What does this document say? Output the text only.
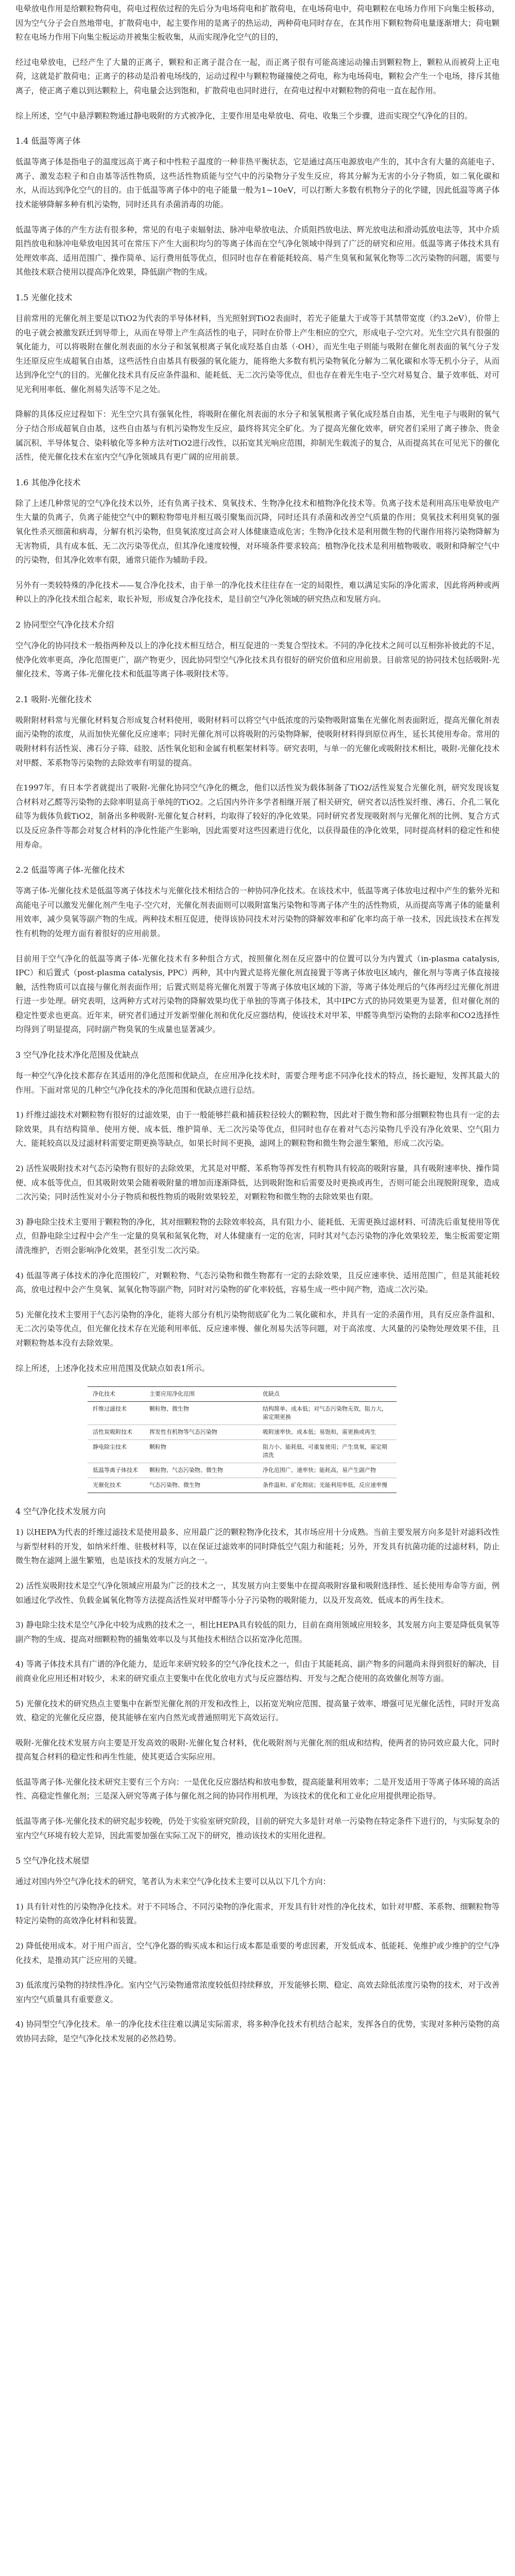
电晕放电作用是给颗粒物荷电，荷电过程依过程的先后分为电场荷电和扩散荷电，在电场荷电中，荷电颗粒在电场力作用下向集尘板移动，因为空气分子会自然地带电，扩散荷电中，起主要作用的是离子的热运动，两种荷电同时存在，在其作用下颗粒物荷电量逐渐增大；荷电颗粒在电场力作用下向集尘板运动并被集尘板收集，从而实现净化空气的目的，

经过电晕放电，已经产生了大量的正离子，颗粒和正离子混合在一起，而正离子很有可能高速运动撞击到颗粒物上，颗粒从而被荷上正电荷，这就是扩散荷电；正离子的移动是沿着电场线的，运动过程中与颗粒物碰撞使之荷电，称为电场荷电，颗粒会产生一个电场，排斥其他离子，使正离子难以到达颗粒上，荷电量会达到饱和，扩散荷电也同时进行，在荷电过程中对颗粒物的荷电一直在起作用。

综上所述，空气中悬浮颗粒物通过静电吸附的方式被净化，主要作用是电晕放电、荷电、收集三个步骤，进而实现空气净化的目的。

1.4 低温等离子体

低温等离子体是指电子的温度远高于离子和中性粒子温度的一种非热平衡状态，它是通过高压电源放电产生的，其中含有大量的高能电子、离子、激发态粒子和自由基等活性物质，这些活性物质能与空气中的污染物分子发生反应，将其分解为无害的小分子物质，如二氧化碳和水，从而达到净化空气的目的。由于低温等离子体中的电子能量一般为1~10eV，可以打断大多数有机物分子的化学键，因此低温等离子体技术能够降解多种有机污染物，同时还具有杀菌消毒的功能。

低温等离子体的产生方法有很多种，常见的有电子束辐射法、脉冲电晕放电法、介质阻挡放电法、辉光放电法和滑动弧放电法等，其中介质阻挡放电和脉冲电晕放电因其可在常压下产生大面积均匀的等离子体而在空气净化领域中得到了广泛的研究和应用。低温等离子体技术具有处理效率高、适用范围广、操作简单、运行费用低等优点，但同时也存在着能耗较高、易产生臭氧和氮氧化物等二次污染物的问题，需要与其他技术联合使用以提高净化效果，降低副产物的生成。

1.5 光催化技术

目前常用的光催化剂主要是以TiO2为代表的半导体材料，当光照射到TiO2表面时，若光子能量大于或等于其禁带宽度（约3.2eV），价带上的电子就会被激发跃迁到导带上，从而在导带上产生高活性的电子，同时在价带上产生相应的空穴，形成电子-空穴对。光生空穴具有很强的氧化能力，可以将吸附在催化剂表面的水分子和氢氧根离子氧化成羟基自由基（·OH），而光生电子则能与吸附在催化剂表面的氧气分子发生还原反应生成超氧自由基，这些活性自由基具有极强的氧化能力，能将绝大多数有机污染物氧化分解为二氧化碳和水等无机小分子，从而达到净化空气的目的。光催化技术具有反应条件温和、能耗低、无二次污染等优点，但也存在着光生电子-空穴对易复合、量子效率低、对可见光利用率低、催化剂易失活等不足之处。

降解的具体反应过程如下：光生空穴具有强氧化性，将吸附在催化剂表面的水分子和氢氧根离子氧化成羟基自由基，光生电子与吸附的氧气分子结合形成超氧自由基，这些自由基与有机污染物发生反应，最终将其完全矿化。为了提高光催化效率，研究者们采用了离子掺杂、贵金属沉积、半导体复合、染料敏化等多种方法对TiO2进行改性，以拓宽其光响应范围，抑制光生载流子的复合，从而提高其在可见光下的催化活性，使光催化技术在室内空气净化领域具有更广阔的应用前景。

1.6 其他净化技术

除了上述几种常见的空气净化技术以外，还有负离子技术、臭氧技术、生物净化技术和植物净化技术等。负离子技术是利用高压电晕放电产生大量的负离子，负离子能使空气中的颗粒物带电并相互吸引聚集而沉降，同时还具有杀菌和改善空气质量的作用；臭氧技术利用臭氧的强氧化性杀灭细菌和病毒，分解有机污染物，但臭氧浓度过高会对人体健康造成危害；生物净化技术是利用微生物的代谢作用将污染物降解为无害物质，具有成本低、无二次污染等优点，但其净化速度较慢，对环境条件要求较高；植物净化技术是利用植物吸收、吸附和降解空气中的污染物，但其净化效率有限，通常只能作为辅助手段。

另外有一类较特殊的净化技术——复合净化技术，由于单一的净化技术往往存在一定的局限性，难以满足实际的净化需求，因此将两种或两种以上的净化技术组合起来，取长补短，形成复合净化技术，是目前空气净化领域的研究热点和发展方向。

2 协同型空气净化技术介绍

空气净化的协同技术一般指两种及以上的净化技术相互结合，相互促进的一类复合型技术。不同的净化技术之间可以互相弥补彼此的不足，使净化效率更高，净化范围更广，副产物更少，因此协同型空气净化技术具有很好的研究价值和应用前景。目前常见的协同技术包括吸附-光催化技术、等离子体-光催化技术和低温等离子体-吸附技术等。

2.1 吸附-光催化技术

吸附附材料常与光催化材料复合形成复合材料使用，吸附材料可以将空气中低浓度的污染物吸附富集在光催化剂表面附近，提高光催化剂表面污染物的浓度，从而加快光催化反应速率；同时光催化剂可以将吸附的污染物降解，使吸附材料得到原位再生，延长其使用寿命。常用的吸附材料有活性炭、沸石分子筛、硅胶、活性氧化铝和金属有机框架材料等。研究表明，与单一的光催化或吸附技术相比，吸附-光催化技术对甲醛、苯系物等污染物的去除效率有明显的提高。

在1997年，有日本学者就提出了吸附-光催化协同空气净化的概念，他们以活性炭为载体制备了TiO2/活性炭复合光催化剂，研究发现该复合材料对乙醛等污染物的去除率明显高于单纯的TiO2。之后国内外许多学者相继开展了相关研究，研究者以活性炭纤维、沸石、介孔二氧化硅等为载体负载TiO2，制备出多种吸附-光催化复合材料，均取得了较好的净化效果。同时研究者发现吸附剂与光催化剂的比例、复合方式以及反应条件等都会对复合材料的净化性能产生影响，因此需要对这些因素进行优化，以获得最佳的净化效果，同时提高材料的稳定性和使用寿命。

2.2 低温等离子体-光催化技术

等离子体-光催化技术是低温等离子体技术与光催化技术相结合的一种协同净化技术。在该技术中，低温等离子体放电过程中产生的紫外光和高能电子可以激发光催化剂产生电子-空穴对，光催化剂表面则可以吸附富集污染物和等离子体产生的活性物质，从而提高等离子体的能量利用效率，减少臭氧等副产物的生成。两种技术相互促进，使得该协同技术对污染物的降解效率和矿化率均高于单一技术，因此该技术在挥发性有机物的处理方面有着很好的应用前景。

目前用于空气净化的低温等离子体-光催化技术有多种组合方式，按照催化剂在反应器中的位置可以分为内置式（in-plasma catalysis, IPC）和后置式（post-plasma catalysis, PPC）两种，其中内置式是将光催化剂直接置于等离子体放电区域内，催化剂与等离子体直接接触，活性物质可以直接与催化剂表面作用；后置式则是将光催化剂置于等离子体放电区域的下游，等离子体处理后的气体再经过光催化剂进行进一步处理。研究表明，这两种方式对污染物的降解效果均优于单独的等离子体技术，其中IPC方式的协同效果更为显著，但对催化剂的稳定性要求也更高。近年来，研究者们通过开发新型催化剂和优化反应器结构，使该技术对甲苯、甲醛等典型污染物的去除率和CO2选择性均得到了明显提高，同时副产物臭氧的生成量也显著减少。

3 空气净化技术净化范围及优缺点

每一种空气净化技术都存在其适用的净化范围和优缺点，在应用净化技术时，需要合理考虑不同净化技术的特点，扬长避短，发挥其最大的作用。下面对常见的几种空气净化技术的净化范围和优缺点进行总结。

1) 纤维过滤技术对颗粒物有很好的过滤效果，由于一般能够拦截和捕获粒径较大的颗粒物，因此对于微生物和部分细颗粒物也具有一定的去除效果，具有结构简单、使用方便、成本低、维护简单、无二次污染等优点，但同时也存在着对气态污染物几乎没有净化效果、空气阻力大、能耗较高以及过滤材料需要定期更换等缺点，如果长时间不更换，滤网上的颗粒物和微生物会滋生繁殖，形成二次污染。
2) 活性炭吸附技术对气态污染物有很好的去除效果，尤其是对甲醛、苯系物等挥发性有机物具有较高的吸附容量，具有吸附速率快、操作简便、成本低等优点，但其吸附效果会随着吸附量的增加而逐渐降低，达到吸附饱和后需要及时更换或再生，否则可能会出现脱附现象，造成二次污染；同时活性炭对小分子物质和极性物质的吸附效果较差，对颗粒物和微生物的去除效果也有限。
3) 静电除尘技术主要用于颗粒物的净化，其对细颗粒物的去除效率较高，具有阻力小、能耗低、无需更换过滤材料、可清洗后重复使用等优点，但静电除尘过程中会产生一定量的臭氧和氮氧化物，对人体健康有一定的危害，同时其对气态污染物的净化效果较差，集尘板需要定期清洗维护，否则会影响净化效果，甚至引发二次污染。
4) 低温等离子体技术的净化范围较广，对颗粒物、气态污染物和微生物都有一定的去除效果，且反应速率快、适用范围广，但是其能耗较高，放电过程中会产生臭氧、氮氧化物等副产物，同时对污染物的矿化率较低，容易生成一些中间产物，造成二次污染。
5) 光催化技术主要用于气态污染物的净化，能将大部分有机污染物彻底矿化为二氧化碳和水，并具有一定的杀菌作用，具有反应条件温和、无二次污染等优点，但光催化技术存在光能利用率低、反应速率慢、催化剂易失活等问题，对于高浓度、大风量的污染物处理效果不佳，且对颗粒物基本没有去除效果。

综上所述，上述净化技术应用范围及优缺点如表1所示。

净化技术	主要应用净化范围	优缺点
纤维过滤技术	颗粒物、微生物	结构简单、成本低；对气态污染物无效，阻力大，需定期更换
活性炭吸附技术	挥发性有机物等气态污染物	吸附速率快、成本低；易饱和，需更换或再生
静电除尘技术	颗粒物	阻力小、能耗低、可重复使用；产生臭氧，需定期清洗
低温等离子体技术	颗粒物、气态污染物、微生物	净化范围广、速率快；能耗高，易产生副产物
光催化技术	气态污染物、微生物	条件温和、矿化彻底；光能利用率低，反应速率慢
4 空气净化技术发展方向
1) 以HEPA为代表的纤维过滤技术是使用最多、应用最广泛的颗粒物净化技术，其市场应用十分成熟。当前主要发展方向多是针对滤料改性与新型材料的开发，如纳米纤维、驻极材料等，以在保证过滤效率的同时降低空气阻力和能耗；另外，开发具有抗菌功能的过滤材料，防止微生物在滤网上滋生繁殖，也是该技术的发展方向之一。
2) 活性炭吸附技术是空气净化领域应用最为广泛的技术之一，其发展方向主要集中在提高吸附容量和吸附选择性、延长使用寿命等方面，例如通过化学改性、负载金属氧化物等方法提高活性炭对甲醛等小分子污染物的吸附能力，以及开发高效、低成本的再生技术。
3) 静电除尘技术是空气净化中较为成熟的技术之一，相比HEPA具有较低的阻力，目前在商用领域应用较多，其发展方向主要是降低臭氧等副产物的生成、提高对细颗粒物的捕集效率以及与其他技术相结合以拓宽净化范围。
4) 等离子体技术具有广谱的净化能力，是近年来研究较多的空气净化技术之一，但由于其能耗高、副产物多的问题尚未得到很好的解决，目前商业化应用还相对较少，未来的研究重点主要集中在优化放电方式与反应器结构、开发与之配合使用的高效催化剂等方面。
5) 光催化技术的研究热点主要集中在新型光催化剂的开发和改性上，以拓宽光响应范围、提高量子效率、增强可见光催化活性，同时开发高效、稳定的光催化反应器，使其能够在室内自然光或普通照明光下高效运行。

吸附-光催化技术发展方向主要是开发高效的吸附-光催化复合材料，优化吸附剂与光催化剂的组成和结构，使两者的协同效应最大化，同时提高复合材料的稳定性和再生性能，使其更适合实际应用。

低温等离子体-光催化技术研究主要有三个方向：一是优化反应器结构和放电参数，提高能量利用效率；二是开发适用于等离子体环境的高活性、高稳定性催化剂；三是深入研究等离子体与催化剂之间的协同作用机理，为该技术的优化和工业化应用提供理论指导。

低温等离子体-光催化技术的研究起步较晚，仍处于实验室研究阶段，目前的研究大多是针对单一污染物在特定条件下进行的，与实际复杂的室内空气环境有较大差异，因此需要加强在实际工况下的研究，推动该技术的实用化进程。

5 空气净化技术展望

通过对国内外空气净化技术的研究，笔者认为未来空气净化技术主要可以从以下几个方向：

1) 具有针对性的污染物净化技术。对于不同场合、不同污染物的净化需求，开发具有针对性的净化技术，如针对甲醛、苯系物、细颗粒物等特定污染物的高效净化材料和装置。
2) 降低使用成本。对于用户而言，空气净化器的购买成本和运行成本都是重要的考虑因素，开发低成本、低能耗、免维护或少维护的空气净化技术，是推动其广泛应用的关键。
3) 低浓度污染物的持续性净化。室内空气污染物通常浓度较低但持续释放，开发能够长期、稳定、高效去除低浓度污染物的技术，对于改善室内空气质量具有重要意义。
4) 协同型空气净化技术。单一的净化技术往往难以满足实际需求，将多种净化技术有机结合起来，发挥各自的优势，实现对多种污染物的高效协同去除，是空气净化技术发展的必然趋势。
